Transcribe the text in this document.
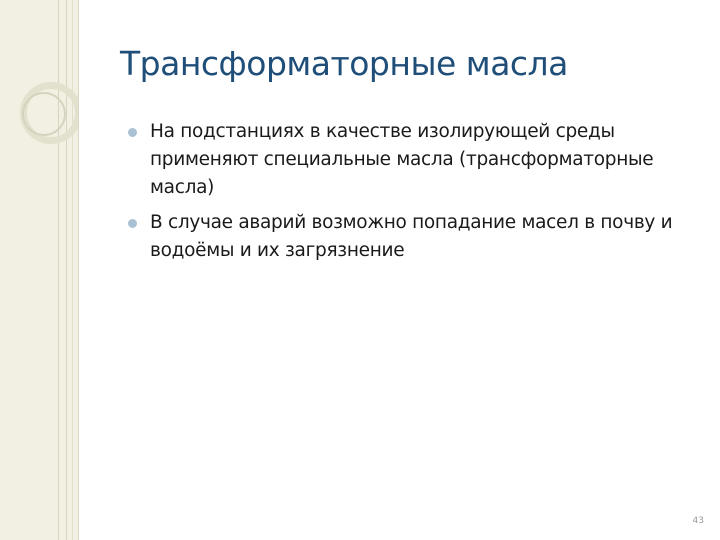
Трансформаторные масла
На подстанциях в качестве изолирующей среды применяют специальные масла (трансформаторные масла)
В случае аварий возможно попадание масел в почву и водоёмы и их загрязнение
43
